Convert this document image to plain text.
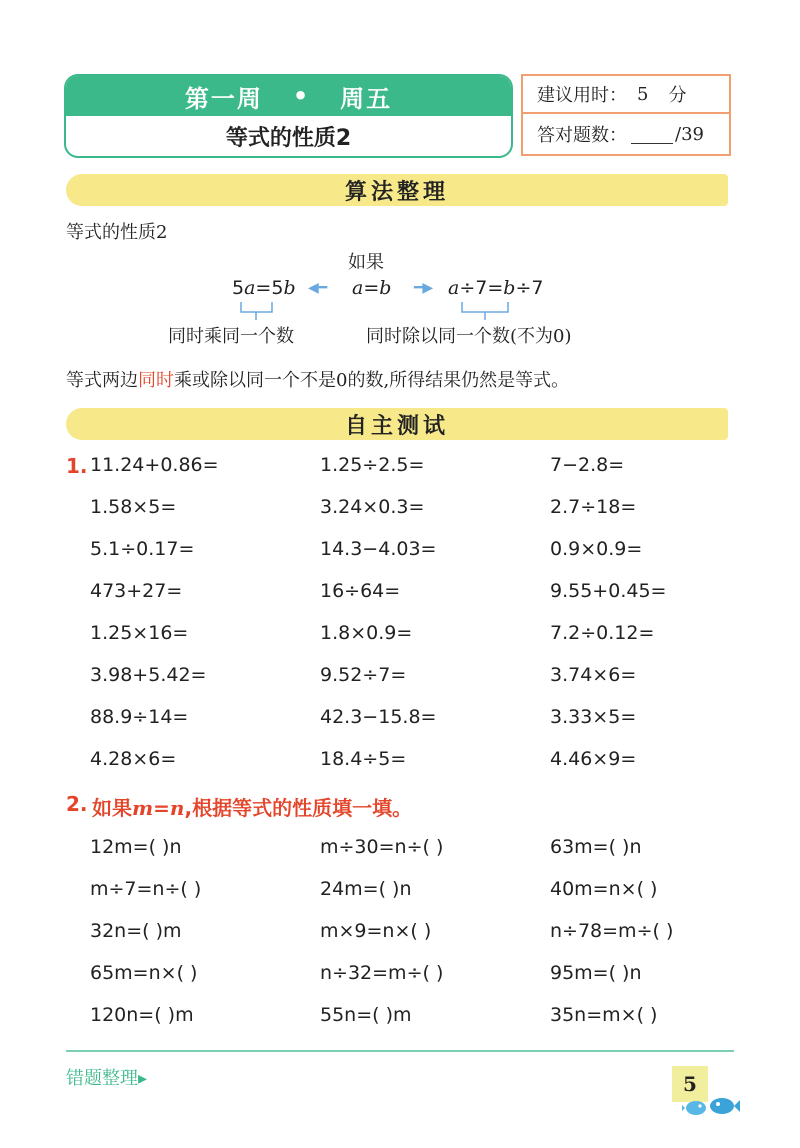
第一周 • 周五
等式的性质2
建议用时： 5 分
答对题数：	/39
算法整理
等式的性质2
如果
5a=5b ◀━ a=b ━▶ a÷7=b÷7
同时乘同一个数	同时除以同一个数(不为0)
等式两边同时乘或除以同一个不是0的数,所得结果仍然是等式。
自主测试
1. 11.24+0.86=	1.25÷2.5=	7−2.8=
1.58×5=	3.24×0.3=	2.7÷18=
5.1÷0.17=	14.3−4.03=	0.9×0.9=
473+27=	16÷64=	9.55+0.45=
1.25×16=	1.8×0.9=	7.2÷0.12=
3.98+5.42=	9.52÷7=	3.74×6=
88.9÷14=	42.3−15.8=	3.33×5=
4.28×6=	18.4÷5=	4.46×9=
2. 如果m=n,根据等式的性质填一填。
12m=( )n	m÷30=n÷( )	63m=( )n
m÷7=n÷( )	24m=( )n	40m=n×( )
32n=( )m	m×9=n×( )	n÷78=m÷( )
65m=n×( )	n÷32=m÷( )	95m=( )n
120n=( )m	55n=( )m	35n=m×( )
错题整理▸	5
